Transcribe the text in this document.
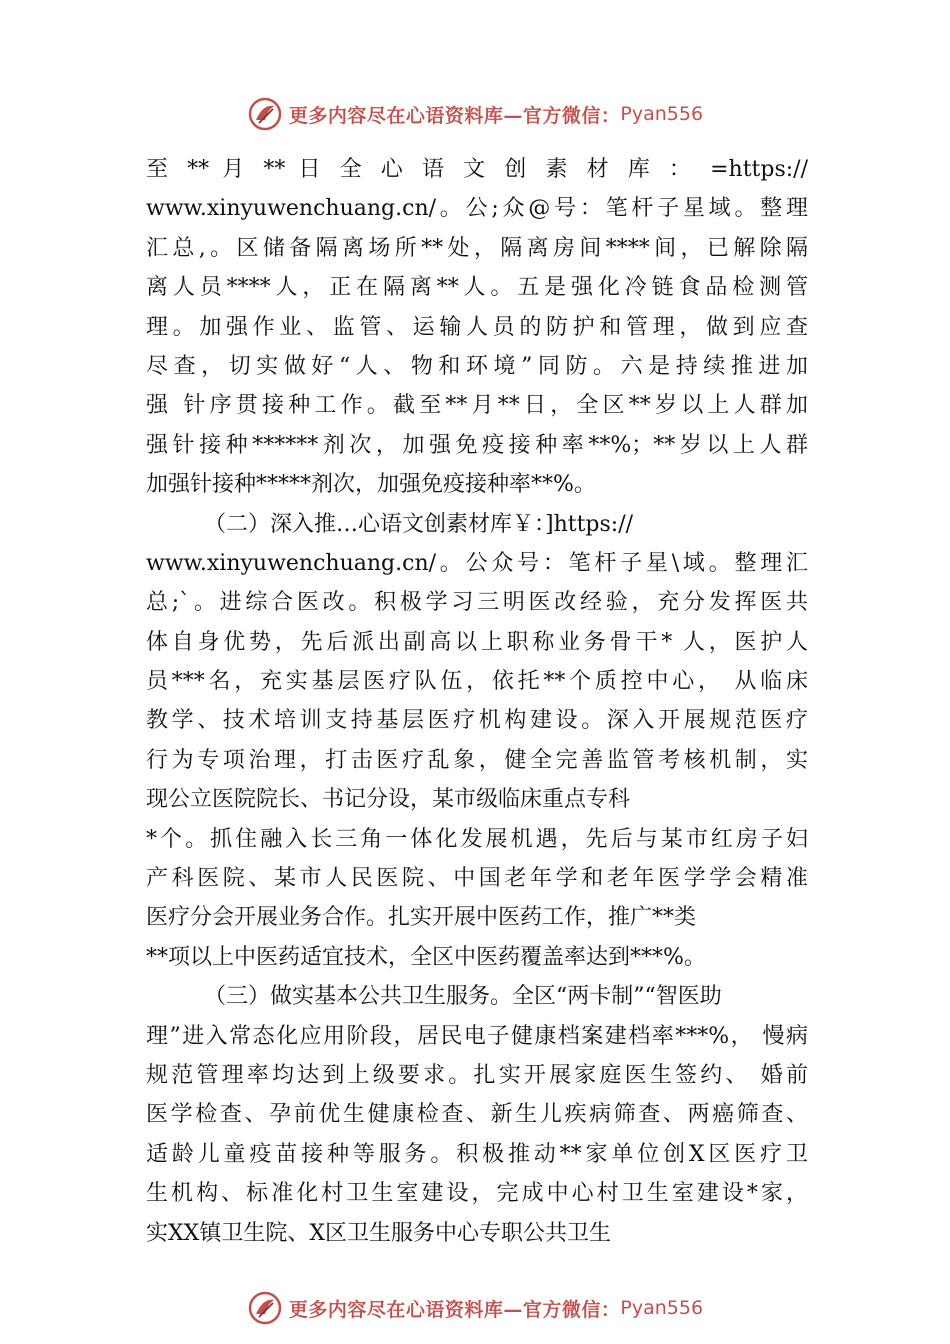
更多内容尽在心语资料库—官方微信： Pyan556
至 ** 月 ** 日 全 心 语 文 创 素 材 库 ： =https://
www.xinyuwenchuang.cn/。公;众@号：笔杆子星域。整理
汇总,。区储备隔离场所**处，隔离房间****间，已解除隔
离人员****人，正在隔离**人。五是强化冷链食品检测管
理。加强作业、监管、运输人员的防护和管理，做到应查
尽查，切实做好“人、物和环境”同防。六是持续推进加
强 针序贯接种工作。截至**月**日，全区**岁以上人群加
强针接种******剂次，加强免疫接种率**%；**岁以上人群
加强针接种*****剂次，加强免疫接种率**%。
（二）深入推…心语文创素材库￥：]https://
www.xinyuwenchuang.cn/。公众号：笔杆子星\域。整理汇
总;`。进综合医改。积极学习三明医改经验，充分发挥医共
体自身优势，先后派出副高以上职称业务骨干* 人，医护人
员***名，充实基层医疗队伍，依托**个质控中心， 从临床
教学、技术培训支持基层医疗机构建设。深入开展规范医疗
行为专项治理，打击医疗乱象，健全完善监管考核机制，实
现公立医院院长、书记分设，某市级临床重点专科
*个。抓住融入长三角一体化发展机遇，先后与某市红房子妇
产科医院、某市人民医院、中国老年学和老年医学学会精准
医疗分会开展业务合作。扎实开展中医药工作，推广**类
**项以上中医药适宜技术，全区中医药覆盖率达到***%。
（三）做实基本公共卫生服务。全区“两卡制”“智医助
理”进入常态化应用阶段，居民电子健康档案建档率***%， 慢病
规范管理率均达到上级要求。扎实开展家庭医生签约、 婚前
医学检查、孕前优生健康检查、新生儿疾病筛查、两癌筛查、
适龄儿童疫苗接种等服务。积极推动**家单位创X区医疗卫
生机构、标准化村卫生室建设，完成中心村卫生室建设*家，
实XX镇卫生院、X区卫生服务中心专职公共卫生
更多内容尽在心语资料库—官方微信： Pyan556
